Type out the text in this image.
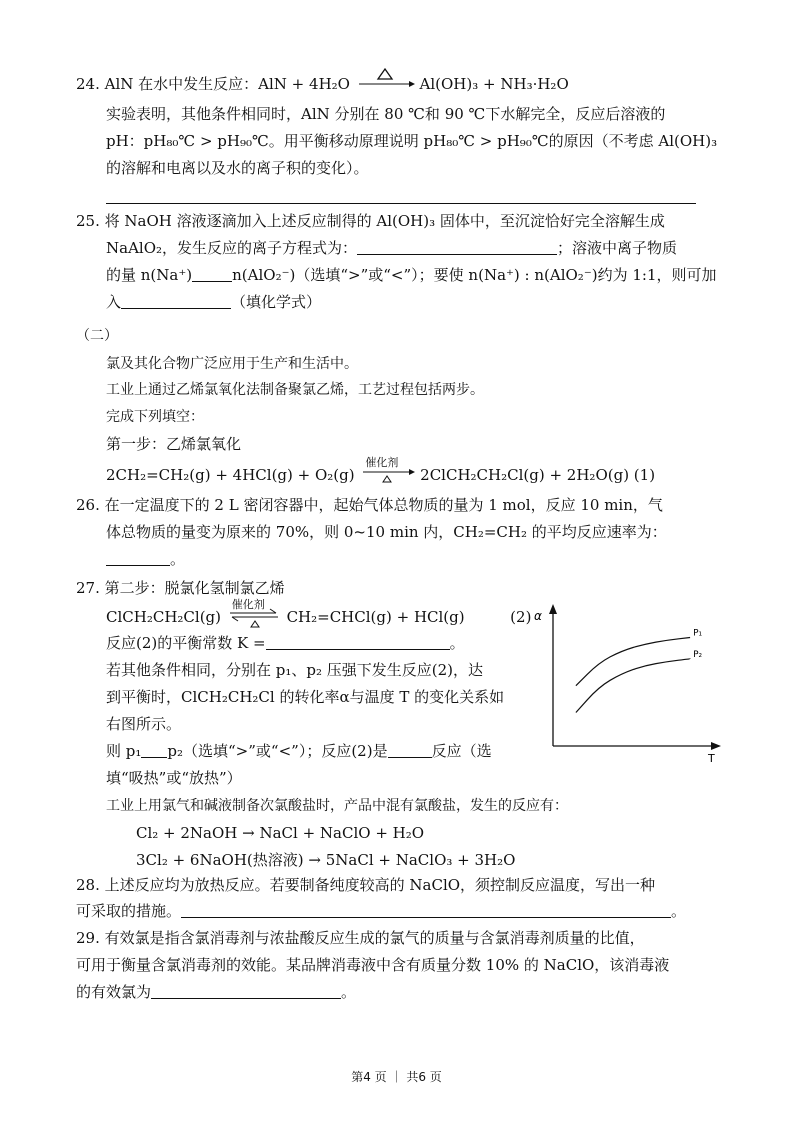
24. AlN 在水中发生反应：AlN + 4H₂O	Al(OH)₃ + NH₃·H₂O
实验表明，其他条件相同时，AlN 分别在 80 ℃和 90 ℃下水解完全，反应后溶液的
pH：pH₈₀℃ > pH₉₀℃。用平衡移动原理说明 pH₈₀℃ > pH₉₀℃的原因（不考虑 Al(OH)₃
的溶解和电离以及水的离子积的变化）。
25. 将 NaOH 溶液逐滴加入上述反应制得的 Al(OH)₃ 固体中，至沉淀恰好完全溶解生成
NaAlO₂，发生反应的离子方程式为：	；溶液中离子物质
的量 n(Na⁺)	n(AlO₂⁻)（选填“>”或“<”）；要使 n(Na⁺) : n(AlO₂⁻)约为 1:1，则可加
入	（填化学式）
（二）
氯及其化合物广泛应用于生产和生活中。
工业上通过乙烯氯氧化法制备聚氯乙烯，工艺过程包括两步。
完成下列填空：
第一步：乙烯氯氧化
2CH₂=CH₂(g) + 4HCl(g) + O₂(g)
催化剂
2ClCH₂CH₂Cl(g) + 2H₂O(g) (1)
26. 在一定温度下的 2 L 密闭容器中，起始气体总物质的量为 1 mol，反应 10 min，气
体总物质的量变为原来的 70%，则 0~10 min 内，CH₂=CH₂ 的平均反应速率为：
。
27. 第二步：脱氯化氢制氯乙烯
ClCH₂CH₂Cl(g)
催化剂
CH₂=CHCl(g) + HCl(g)	(2)
反应(2)的平衡常数 K =	。
若其他条件相同，分别在 p₁、p₂ 压强下发生反应(2)，达
到平衡时，ClCH₂CH₂Cl 的转化率α与温度 T 的变化关系如
右图所示。
则 p₁ p₂（选填“>”或“<”）；反应(2)是	反应（选
填“吸热”或“放热”）
α
T
P₁
P₂
工业上用氯气和碱液制备次氯酸盐时，产品中混有氯酸盐，发生的反应有：
Cl₂ + 2NaOH → NaCl + NaClO + H₂O
3Cl₂ + 6NaOH(热溶液) → 5NaCl + NaClO₃ + 3H₂O
28. 上述反应均为放热反应。若要制备纯度较高的 NaClO，须控制反应温度，写出一种
可采取的措施。	。
29. 有效氯是指含氯消毒剂与浓盐酸反应生成的氯气的质量与含氯消毒剂质量的比值，
可用于衡量含氯消毒剂的效能。某品牌消毒液中含有质量分数 10% 的 NaClO，该消毒液
的有效氯为	。
第4 页 ｜ 共6 页
